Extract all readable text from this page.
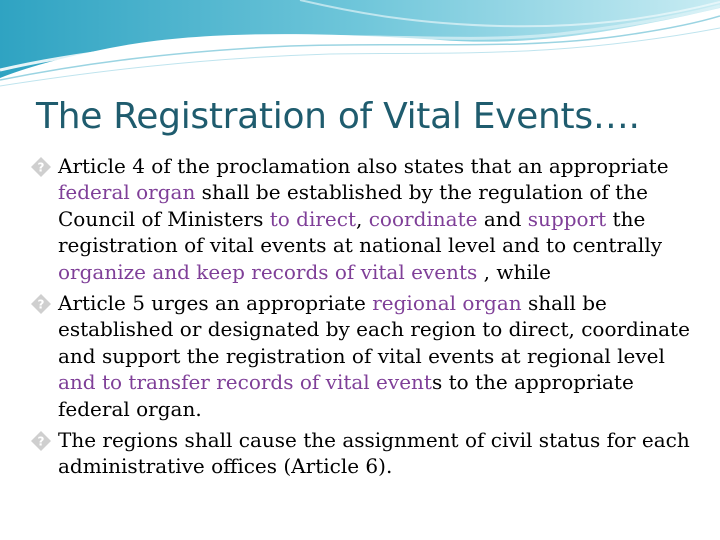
The Registration of Vital Events….
? Article 4 of the proclamation also states that an appropriate federal organ shall be established by the regulation of the Council of Ministers to direct, coordinate and support the registration of vital events at national level and to centrally organize and keep records of vital events , while
? Article 5 urges an appropriate regional organ shall be established or designated by each region to direct, coordinate and support the registration of vital events at regional level and to transfer records of vital events to the appropriate federal organ.
? The regions shall cause the assignment of civil status for each administrative offices (Article 6).
